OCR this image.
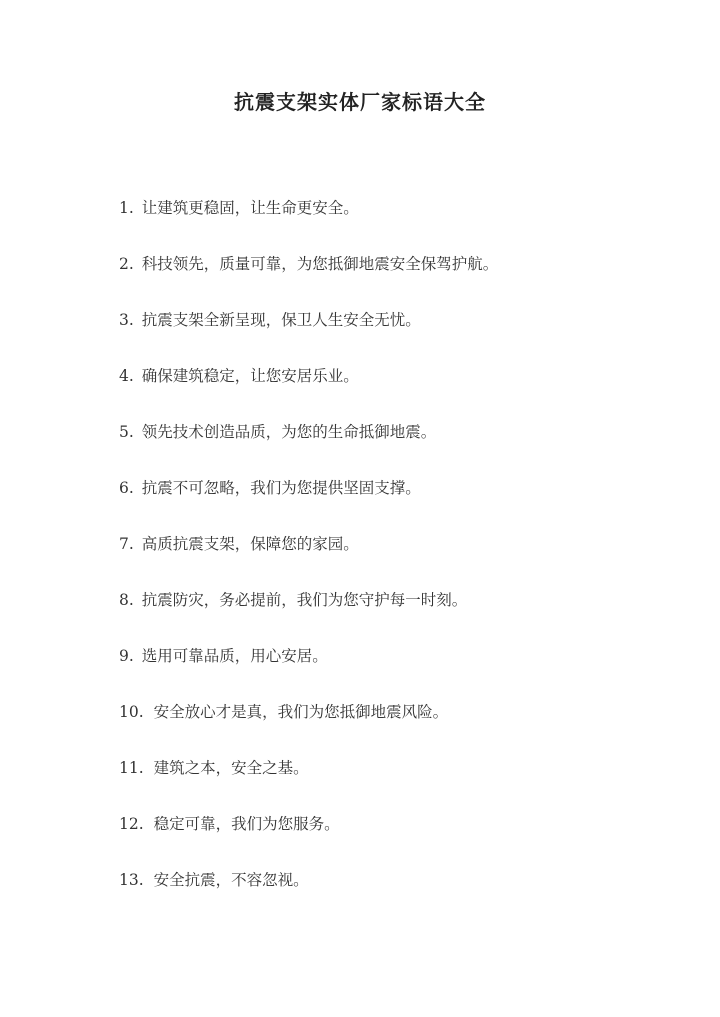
抗震支架实体厂家标语大全
1. 让建筑更稳固，让生命更安全。
2. 科技领先，质量可靠，为您抵御地震安全保驾护航。
3. 抗震支架全新呈现，保卫人生安全无忧。
4. 确保建筑稳定，让您安居乐业。
5. 领先技术创造品质，为您的生命抵御地震。
6. 抗震不可忽略，我们为您提供坚固支撑。
7. 高质抗震支架，保障您的家园。
8. 抗震防灾，务必提前，我们为您守护每一时刻。
9. 选用可靠品质，用心安居。
10. 安全放心才是真，我们为您抵御地震风险。
11. 建筑之本，安全之基。
12. 稳定可靠，我们为您服务。
13. 安全抗震，不容忽视。
